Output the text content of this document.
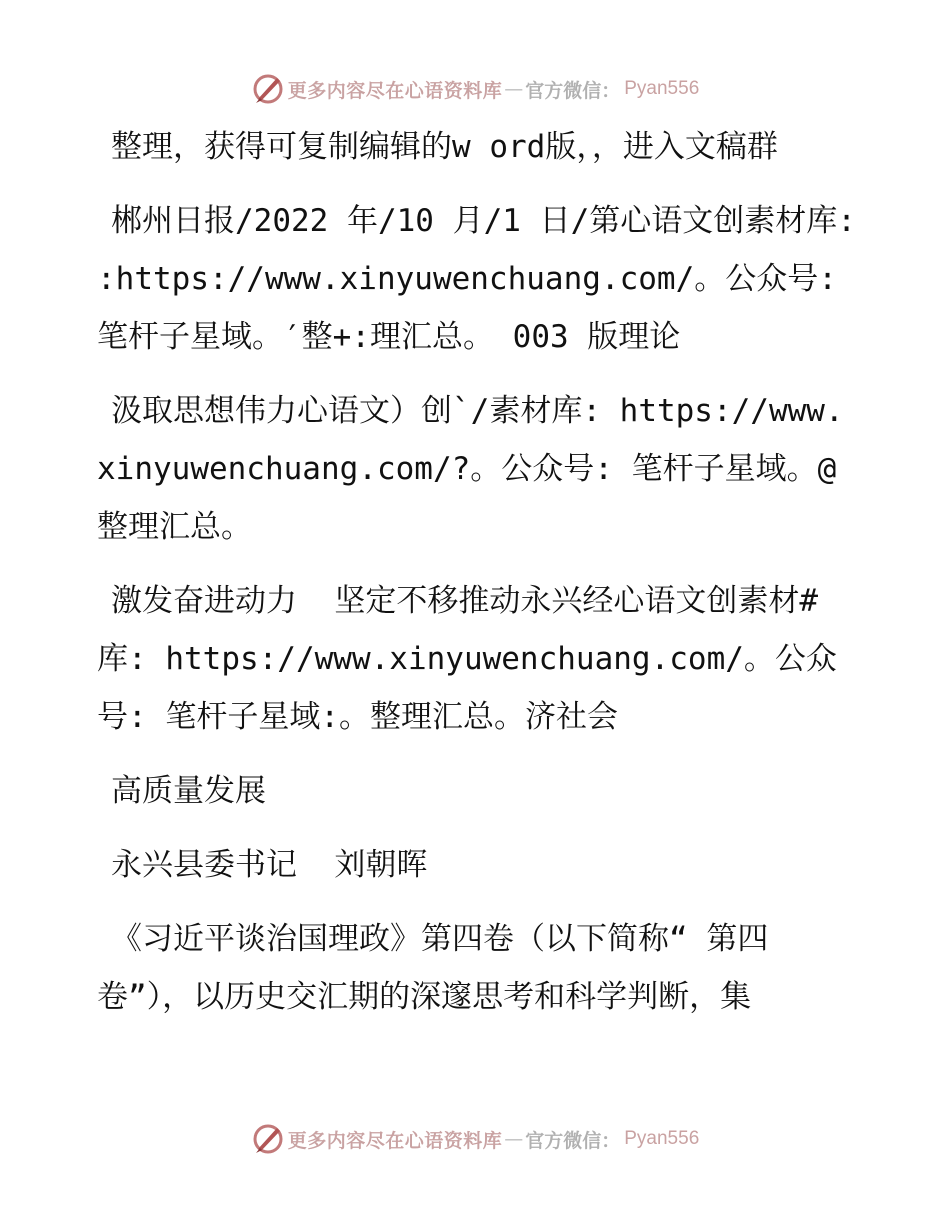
更多内容尽在心语资料库 — 官方微信： Pyan556

整理，获得可复制编辑的w ord版，，进入文稿群

郴州日报/2022 年/10 月/1 日/第心语文创素材库: :https://www.xinyuwenchuang.com/。公众号: 笔杆子星域。′整+:理汇总。 003 版理论

汲取思想伟力心语文）创`/素材库: https://www.xinyuwenchuang.com/?。公众号: 笔杆子星域。@整理汇总。

激发奋进动力  坚定不移推动永兴经心语文创素材#库: https://www.xinyuwenchuang.com/。公众号: 笔杆子星域:。整理汇总。济社会

高质量发展

永兴县委书记  刘朝晖

《习近平谈治国理政》第四卷（以下简称“ 第四卷”），以历史交汇期的深邃思考和科学判断，集

更多内容尽在心语资料库 — 官方微信： Pyan556
